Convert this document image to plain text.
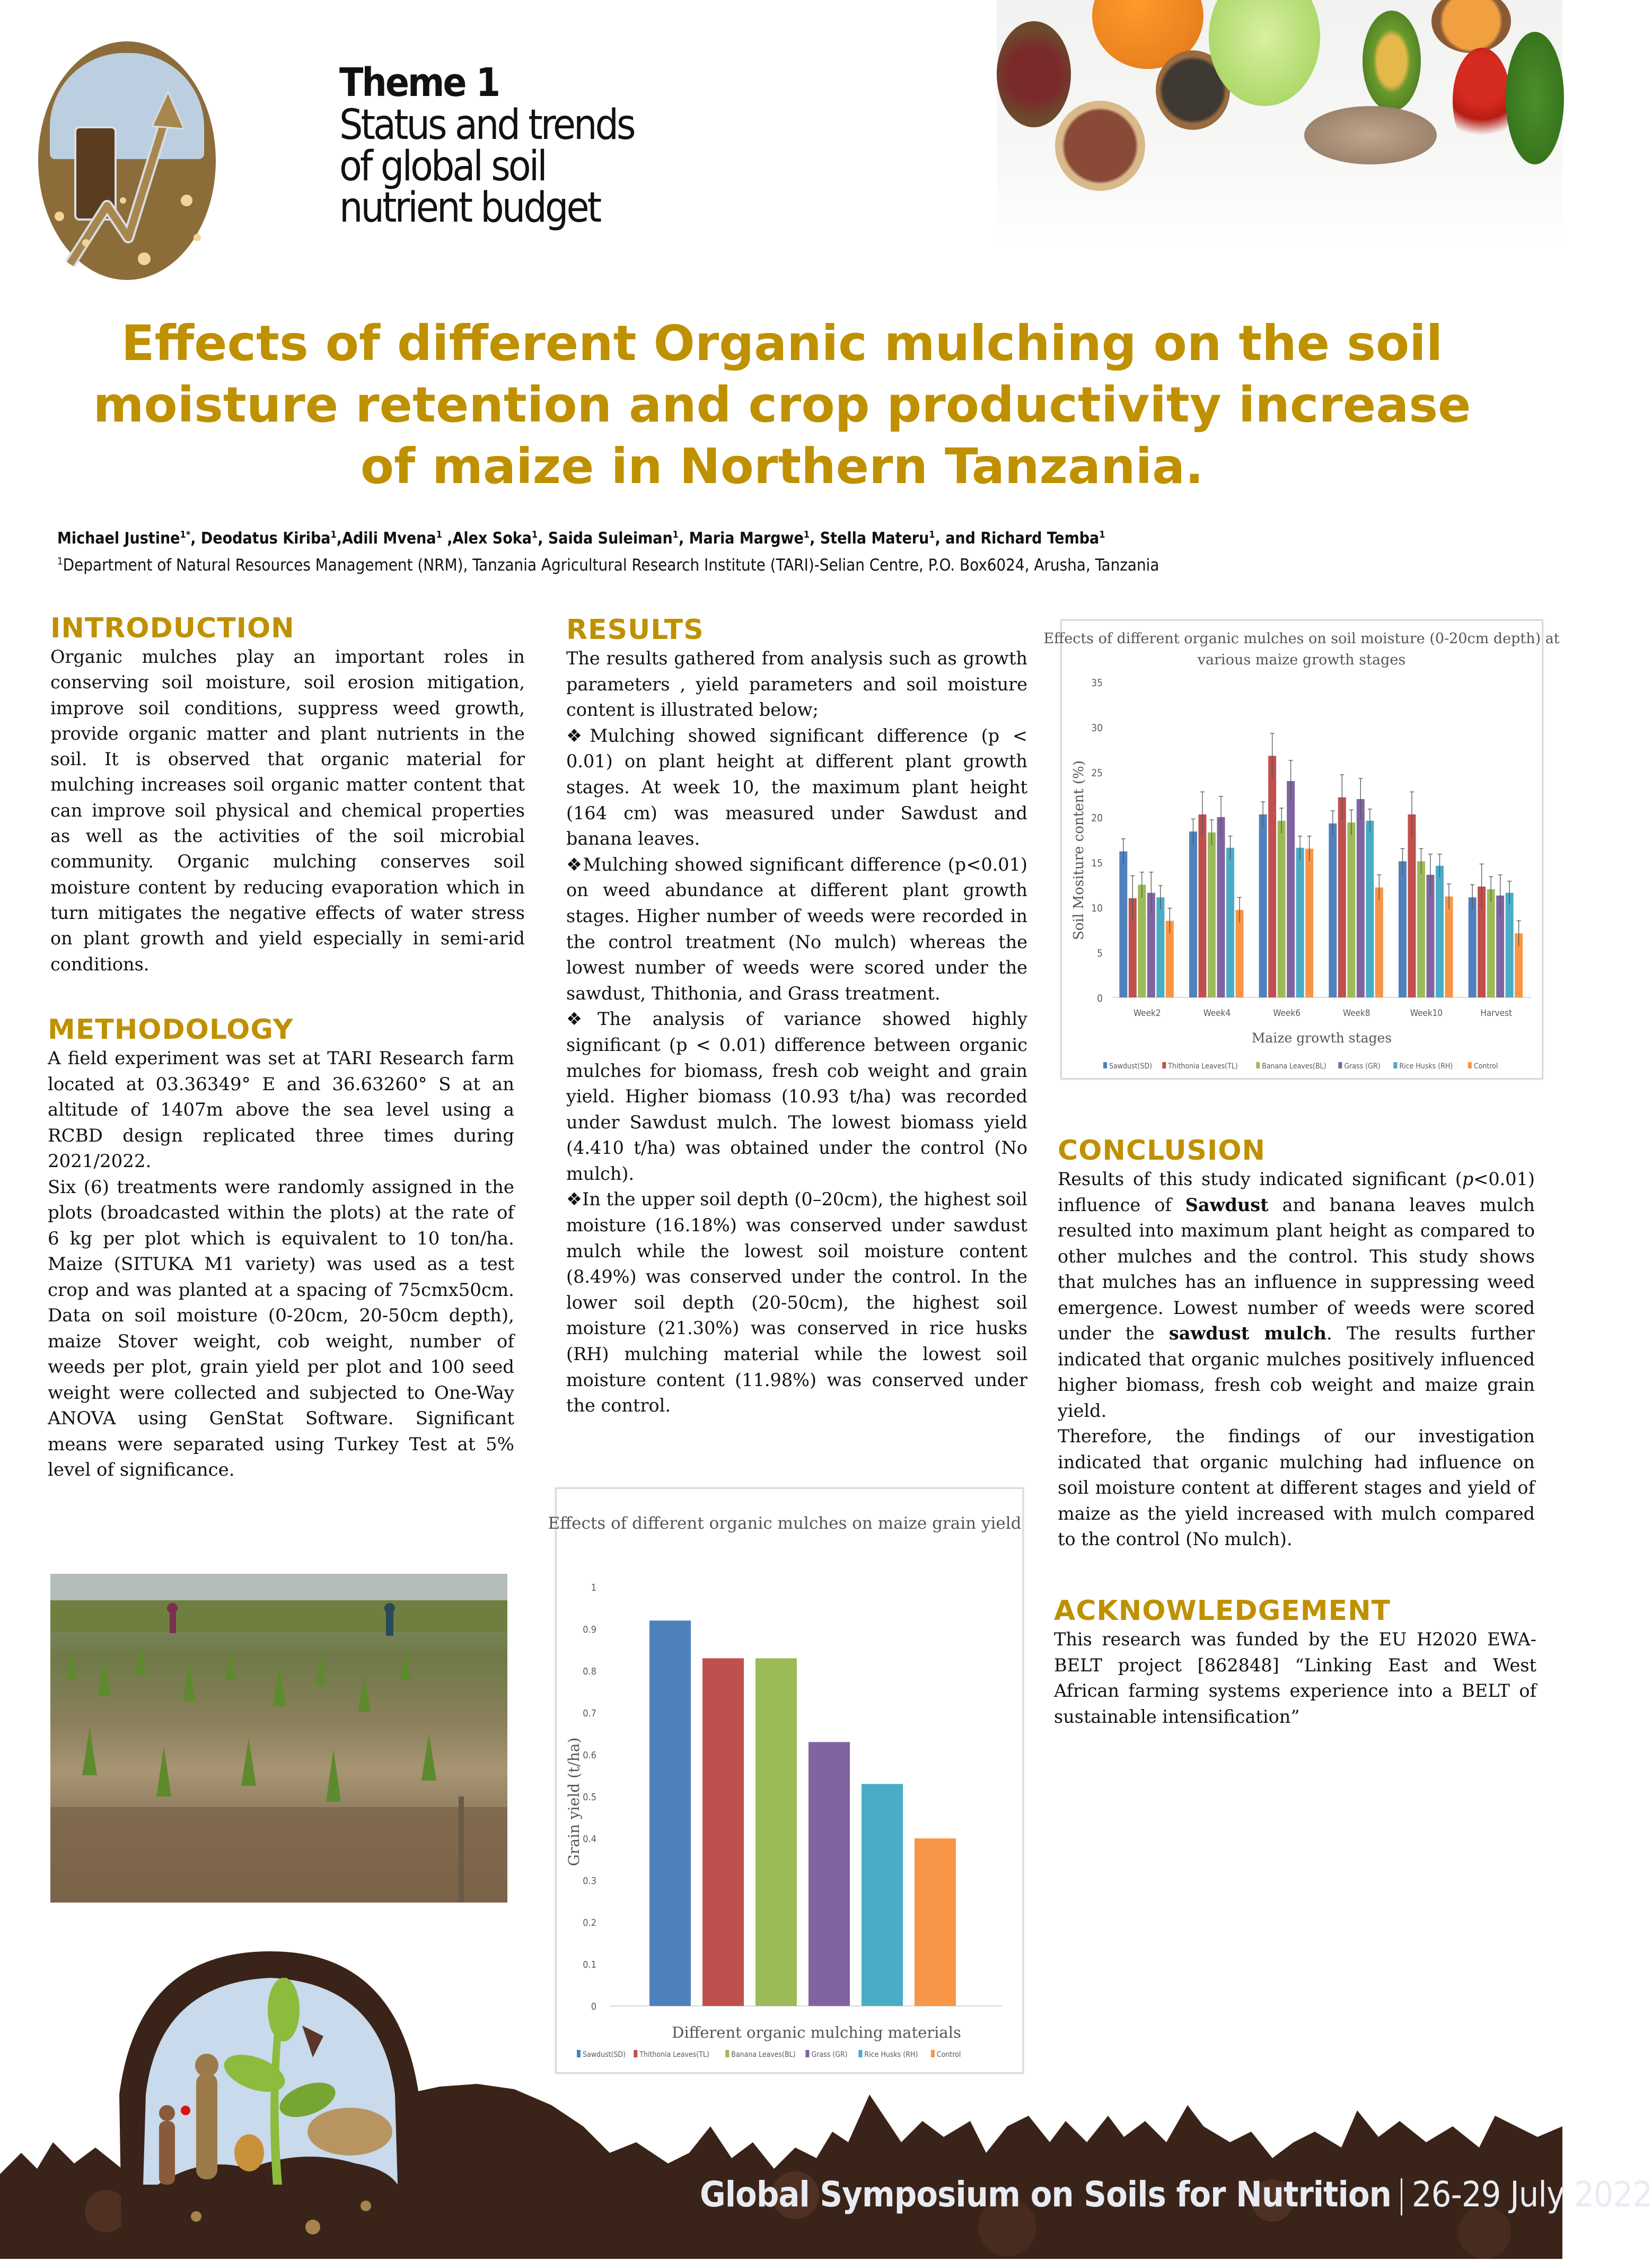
Theme 1
Status and trends
of global soil
nutrient budget
Effects of different Organic mulching on the soil
moisture retention and crop productivity increase
of maize in Northern Tanzania.
Michael Justine$^{1*}$, Deodatus Kiriba$^1$,Adili Mvena$^1$ ,Alex Soka$^1$, Saida Suleiman$^1$, Maria Margwe$^1$, Stella Materu$^1$, and Richard Temba$^1$
$^1$Department of Natural Resources Management (NRM), Tanzania Agricultural Research Institute (TARI)-Selian Centre, P.O. Box6024, Arusha, Tanzania
INTRODUCTION

Organic mulches play an important roles in conserving soil moisture, soil erosion mitigation, improve soil conditions, suppress weed growth, provide organic matter and plant nutrients in the soil. It is observed that organic material for mulching increases soil organic matter content that can improve soil physical and chemical properties as well as the activities of the soil microbial community. Organic mulching conserves soil moisture content by reducing evaporation which in turn mitigates the negative effects of water stress on plant growth and yield especially in semi-arid conditions.

METHODOLOGY

A field experiment was set at TARI Research farm located at 03.36349° E and 36.63260° S at an altitude of 1407m above the sea level using a RCBD design replicated three times during 2021/2022.

Six (6) treatments were randomly assigned in the plots (broadcasted within the plots) at the rate of 6 kg per plot which is equivalent to 10 ton/ha. Maize (SITUKA M1 variety) was used as a test crop and was planted at a spacing of 75cmx50cm. Data on soil moisture (0-20cm, 20-50cm depth), maize Stover weight, cob weight, number of weeds per plot, grain yield per plot and 100 seed weight were collected and subjected to One-Way ANOVA using GenStat Software. Significant means were separated using Turkey Test at 5% level of significance.

RESULTS

The results gathered from analysis such as growth parameters , yield parameters and soil moisture content is illustrated below;

❖Mulching showed significant difference (p < 0.01) on plant height at different plant growth stages. At week 10, the maximum plant height (164 cm) was measured under Sawdust and banana leaves.

❖Mulching showed significant difference (p<0.01) on weed abundance at different plant growth stages. Higher number of weeds were recorded in the control treatment (No mulch) whereas the lowest number of weeds were scored under the sawdust, Thithonia, and Grass treatment.

❖The analysis of variance showed highly significant (p < 0.01) difference between organic mulches for biomass, fresh cob weight and grain yield. Higher biomass (10.93 t/ha) was recorded under Sawdust mulch. The lowest biomass yield (4.410 t/ha) was obtained under the control (No mulch).

❖In the upper soil depth (0–20cm), the highest soil moisture (16.18%) was conserved under sawdust mulch while the lowest soil moisture content (8.49%) was conserved under the control. In the lower soil depth (20-50cm), the highest soil moisture (21.30%) was conserved in rice husks (RH) mulching material while the lowest soil moisture content (11.98%) was conserved under the control.

Effects of different organic mulches on maize grain yield
0
0.1
0.2
0.3
0.4
0.5
0.6
0.7
0.8
0.9
1
Grain yield (t/ha)
Different organic mulching materials
Sawdust(SD) Thithonia Leaves(TL)	Banana Leaves(BL) Grass (GR) Rice Husks (RH)	Control
Effects of different organic mulches on soil moisture (0-20cm depth) at
various maize growth stages
0
5
10
15
20
25
30
35
Soil Mositure content (%)
Maize growth stages
Week2	Week4	Week6	Week8	Week10	Harvest
Sawdust(SD) Thithonia Leaves(TL)	Banana Leaves(BL) Grass (GR)	Rice Husks (RH)	Control
CONCLUSION

Results of this study indicated significant (p<0.01) influence of Sawdust and banana leaves mulch resulted into maximum plant height as compared to other mulches and the control. This study shows that mulches has an influence in suppressing weed emergence. Lowest number of weeds were scored under the sawdust mulch. The results further indicated that organic mulches positively influenced higher biomass, fresh cob weight and maize grain yield.

Therefore, the findings of our investigation indicated that organic mulching had influence on soil moisture content at different stages and yield of maize as the yield increased with mulch compared to the control (No mulch).

ACKNOWLEDGEMENT

This research was funded by the EU H2020 EWA-BELT project [862848] “Linking East and West African farming systems experience into a BELT of sustainable intensification”

Global Symposium on Soils for Nutrition 26-29 July 2022
